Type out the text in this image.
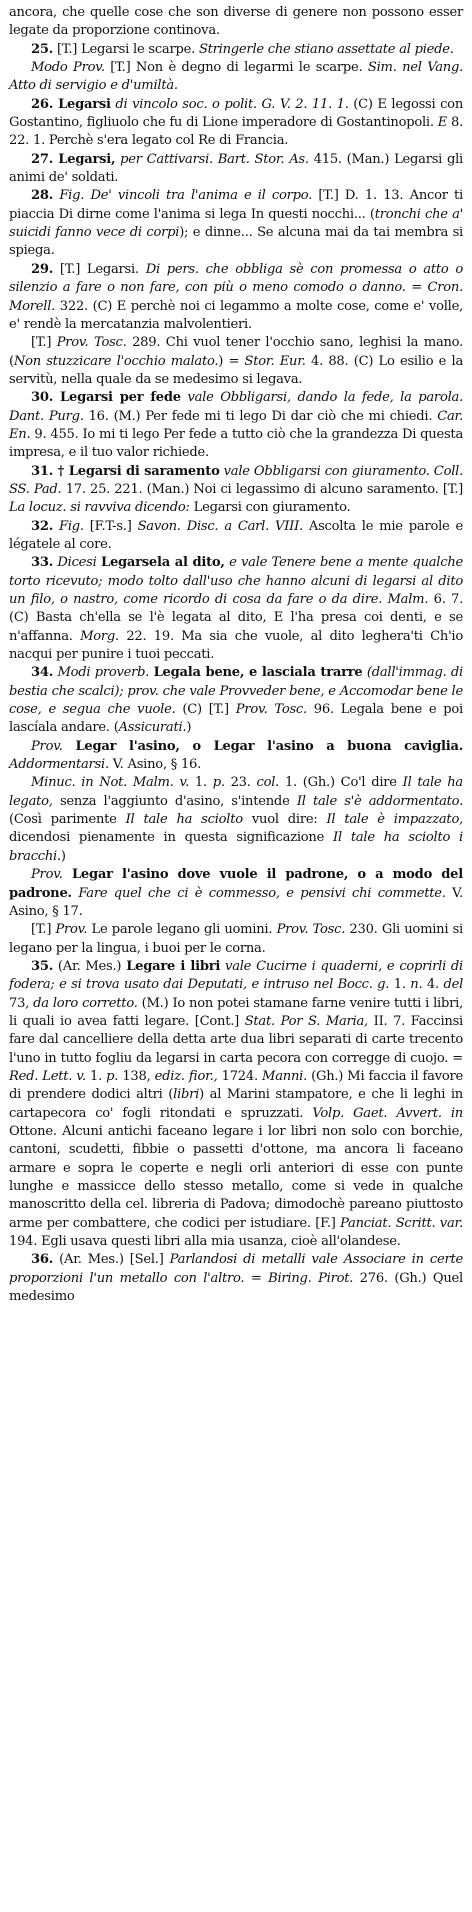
ancora, che quelle cose che son diverse di genere non possono esser legate da proporzione continova.

25. [T.] Legarsi le scarpe. Stringerle che stiano assettate al piede.

Modo Prov. [T.] Non è degno di legarmi le scarpe. Sim. nel Vang. Atto di servigio e d'umiltà.

26. Legarsi di vincolo soc. o polit. G. V. 2. 11. 1. (C) E legossi con Gostantino, figliuolo che fu di Lione imperadore di Gostantinopoli. E 8. 22. 1. Perchè s'era legato col Re di Francia.

27. Legarsi, per Cattivarsi. Bart. Stor. As. 415. (Man.) Legarsi gli animi de' soldati.

28. Fig. De' vincoli tra l'anima e il corpo. [T.] D. 1. 13. Ancor ti piaccia Di dirne come l'anima si lega In questi nocchi... (tronchi che a' suicidi fanno vece di corpi); e dinne... Se alcuna mai da tai membra si spiega.

29. [T.] Legarsi. Di pers. che obbliga sè con promessa o atto o silenzio a fare o non fare, con più o meno comodo o danno. = Cron. Morell. 322. (C) E perchè noi ci legammo a molte cose, come e' volle, e' rendè la mercatanzia malvolentieri.

[T.] Prov. Tosc. 289. Chi vuol tener l'occhio sano, leghisi la mano. (Non stuzzicare l'occhio malato.) = Stor. Eur. 4. 88. (C) Lo esilio e la servitù, nella quale da se medesimo si legava.

30. Legarsi per fede vale Obbligarsi, dando la fede, la parola. Dant. Purg. 16. (M.) Per fede mi ti lego Di dar ciò che mi chiedi. Car. En. 9. 455. Io mi ti lego Per fede a tutto ciò che la grandezza Di questa impresa, e il tuo valor richiede.

31. † Legarsi di saramento vale Obbligarsi con giuramento. Coll. SS. Pad. 17. 25. 221. (Man.) Noi ci legassimo di alcuno saramento. [T.] La locuz. si ravviva dicendo: Legarsi con giuramento.

32. Fig. [F.T-s.] Savon. Disc. a Carl. VIII. Ascolta le mie parole e légatele al core.

33. Dicesi Legarsela al dito, e vale Tenere bene a mente qualche torto ricevuto; modo tolto dall'uso che hanno alcuni di legarsi al dito un filo, o nastro, come ricordo di cosa da fare o da dire. Malm. 6. 7. (C) Basta ch'ella se l'è legata al dito, E l'ha presa coi denti, e se n'affanna. Morg. 22. 19. Ma sia che vuole, al dito leghera'ti Ch'io nacqui per punire i tuoi peccati.

34. Modi proverb. Legala bene, e lasciala trarre (dall'immag. di bestia che scalci); prov. che vale Provveder bene, e Accomodar bene le cose, e segua che vuole. (C) [T.] Prov. Tosc. 96. Legala bene e poi lascíala andare. (Assicurati.)

Prov. Legar l'asino, o Legar l'asino a buona caviglia. Addormentarsi. V. Asino, § 16.

Minuc. in Not. Malm. v. 1. p. 23. col. 1. (Gh.) Co'l dire Il tale ha legato, senza l'aggiunto d'asino, s'intende Il tale s'è addormentato. (Così parimente Il tale ha sciolto vuol dire: Il tale è impazzato, dicendosi pienamente in questa significazione Il tale ha sciolto i bracchi.)

Prov. Legar l'asino dove vuole il padrone, o a modo del padrone. Fare quel che ci è commesso, e pensivi chi commette. V. Asino, § 17.

[T.] Prov. Le parole legano gli uomini. Prov. Tosc. 230. Gli uomini si legano per la lingua, i buoi per le corna.

35. (Ar. Mes.) Legare i libri vale Cucirne i quaderni, e coprirli di fodera; e si trova usato dai Deputati, e intruso nel Bocc. g. 1. n. 4. del 73, da loro corretto. (M.) Io non potei stamane farne venire tutti i libri, li quali io avea fatti legare. [Cont.] Stat. Por S. Maria, II. 7. Faccinsi fare dal cancelliere della detta arte dua libri separati di carte trecento l'uno in tutto fogliu da legarsi in carta pecora con corregge di cuojo. = Red. Lett. v. 1. p. 138, ediz. fior., 1724. Manni. (Gh.) Mi faccia il favore di prendere dodici altri (libri) al Marini stampatore, e che li leghi in cartapecora co' fogli ritondati e spruzzati. Volp. Gaet. Avvert. in Ottone. Alcuni antichi faceano legare i lor libri non solo con borchie, cantoni, scudetti, fibbie o passetti d'ottone, ma ancora li faceano armare e sopra le coperte e negli orli anteriori di esse con punte lunghe e massicce dello stesso metallo, come si vede in qualche manoscritto della cel. libreria di Padova; dimodochè pareano piuttosto arme per combattere, che codici per istudiare. [F.] Panciat. Scritt. var. 194. Egli usava questi libri alla mia usanza, cioè all'olandese.

36. (Ar. Mes.) [Sel.] Parlandosi di metalli vale Associare in certe proporzioni l'un metallo con l'altro. = Biring. Pirot. 276. (Gh.) Quel medesimo
